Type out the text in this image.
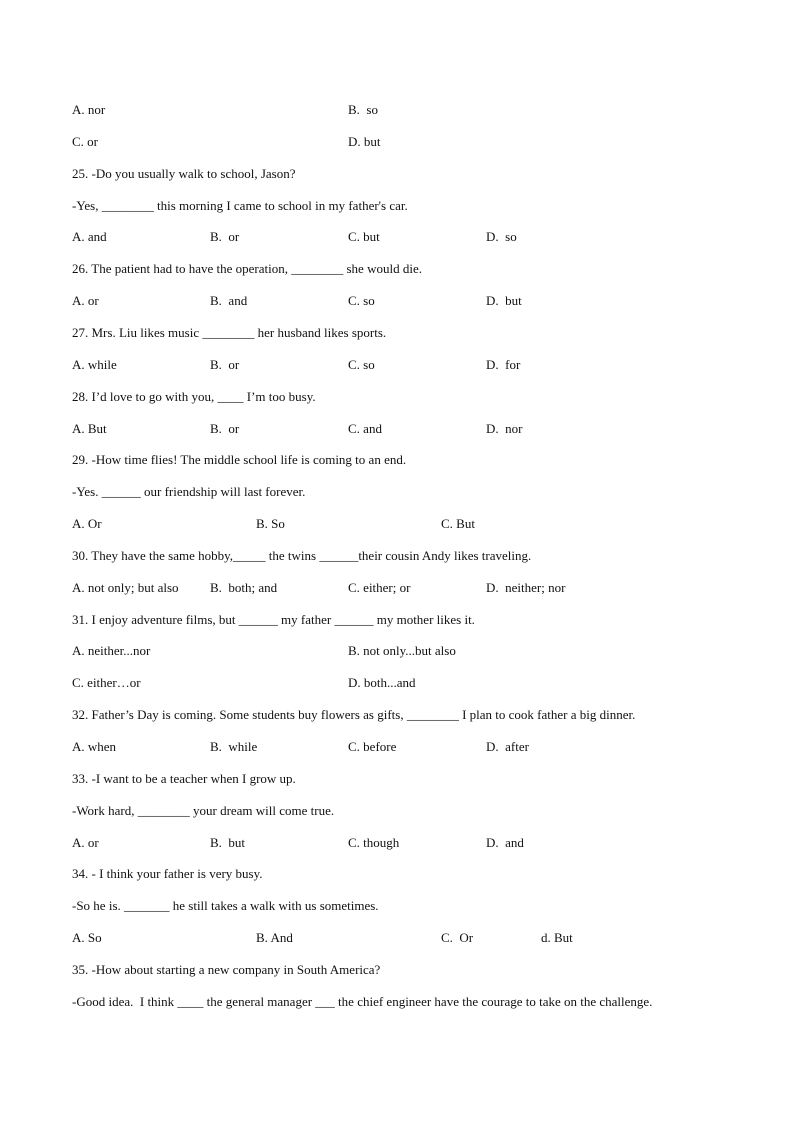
A. nor	B.  so
C. or	D. but
25. -Do you usually walk to school, Jason?
-Yes, ________ this morning I came to school in my father's car.
A. and	B.  or	C. but	D.  so
26. The patient had to have the operation, ________ she would die.
A. or	B.  and	C. so	D.  but
27. Mrs. Liu likes music ________ her husband likes sports.
A. while	B.  or	C. so	D.  for
28. I’d love to go with you, ____ I’m too busy.
A. But	B.  or	C. and	D.  nor
29. -How time flies! The middle school life is coming to an end.
-Yes. ______ our friendship will last forever.
A. Or	B. So	C. But
30. They have the same hobby,_____ the twins ______their cousin Andy likes traveling.
A. not only; but also B.  both; and	C. either; or	D.  neither; nor
31. I enjoy adventure films, but ______ my father ______ my mother likes it.
A. neither...nor	B. not only...but also
C. either…or	D. both...and
32. Father’s Day is coming. Some students buy flowers as gifts, ________ I plan to cook father a big dinner.
A. when	B.  while	C. before	D.  after
33. -I want to be a teacher when I grow up.
-Work hard, ________ your dream will come true.
A. or	B.  but	C. though	D.  and
34. - I think your father is very busy.
-So he is. _______ he still takes a walk with us sometimes.
A. So	B. And	C.  Or	d. But
35. -How about starting a new company in South America?
-Good idea.  I think ____ the general manager ___ the chief engineer have the courage to take on the challenge.
